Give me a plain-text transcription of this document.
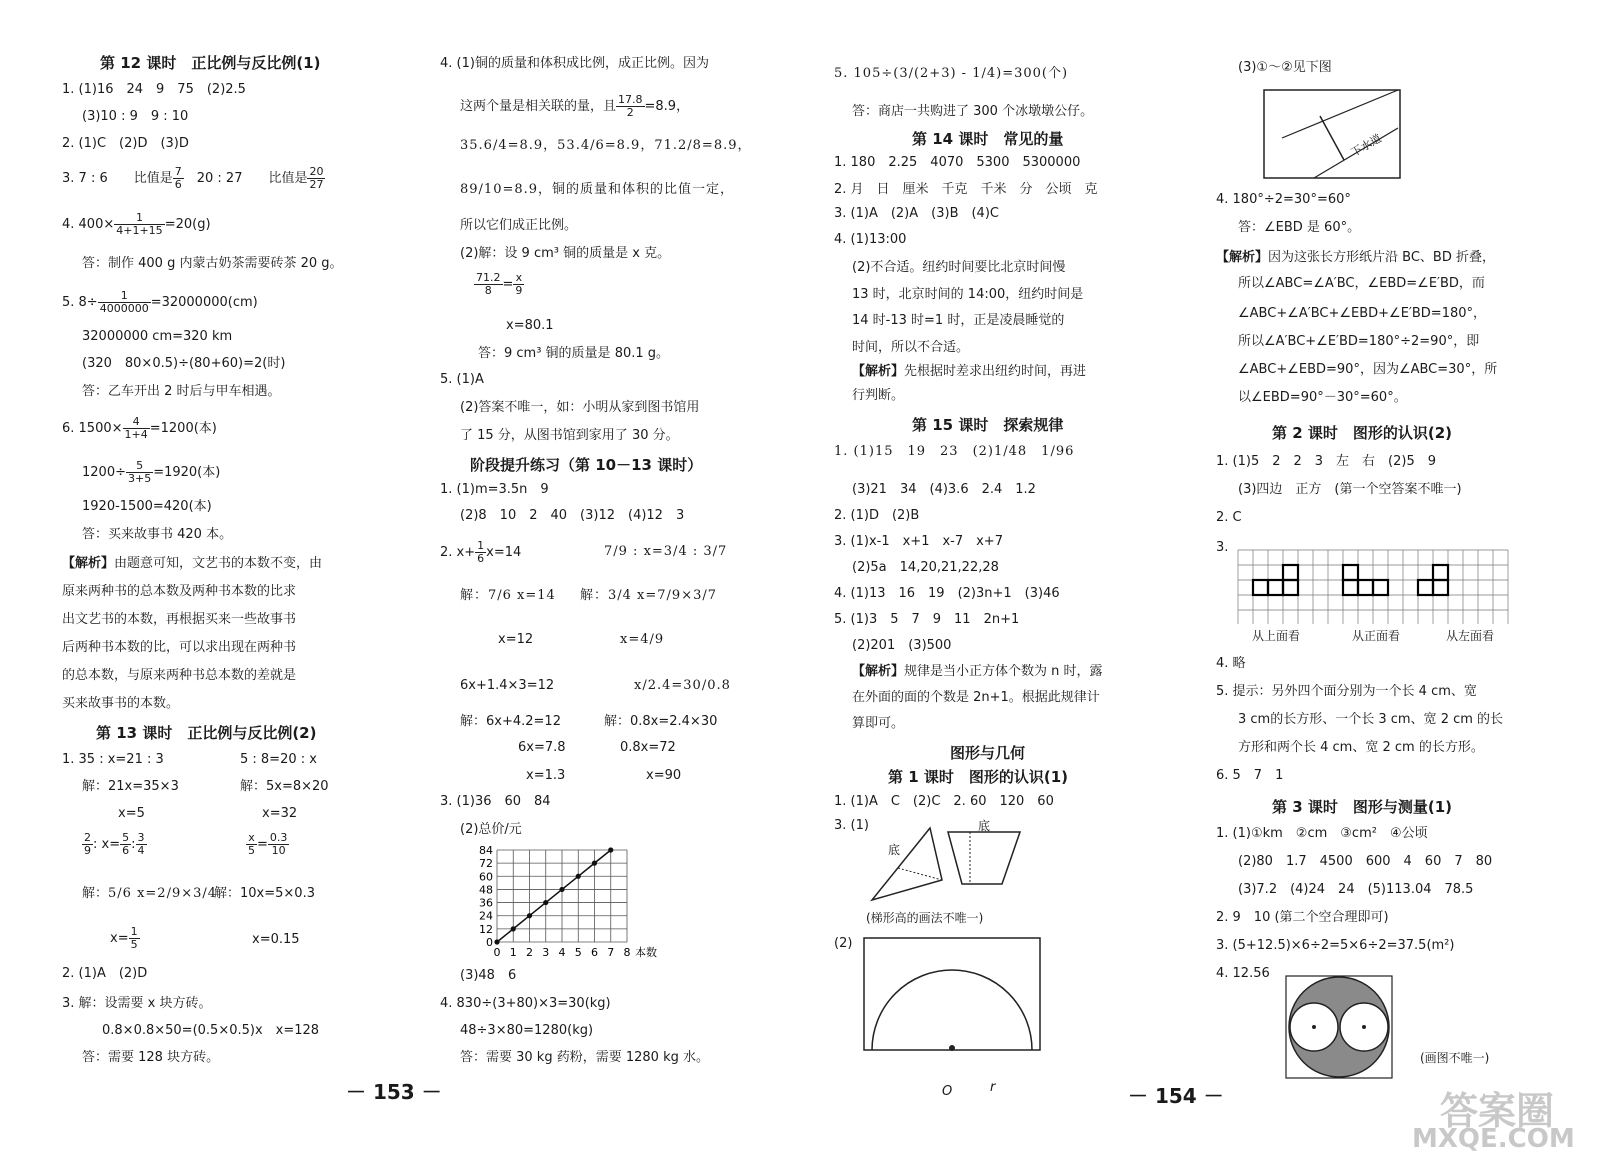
第 12 课时　正比例与反比例(1)
1. (1)16　24　9　75　(2)2.5
(3)10 : 9　9 : 10
2. (1)C　(2)D　(3)D
3. 7 : 6　　比值是 $\frac{7}{6}$ 　20 : 27　　比值是 $\frac{20}{27}$
4. $400\times \frac{1}{4+1+15} =20(g)$
答：制作 400 g 内蒙古奶茶需要砖茶 20 g。
5. $8\div \frac{1}{4000000} =32000000(cm)$
32000000 cm=320 km
(320　80×0.5)÷(80+60)=2(时)
答：乙车开出 2 时后与甲车相遇。
6. $1500\times \frac{4}{1+4} =1200$(本)
$1200\div \frac{5}{3+5} =1920$(本)
1920-1500=420(本)
答：买来故事书 420 本。
【解析】由题意可知，文艺书的本数不变，由
原来两种书的总本数及两种书本数的比求
出文艺书的本数，再根据买来一些故事书
后两种书本数的比，可以求出现在两种书
的总本数，与原来两种书总本数的差就是
买来故事书的本数。
第 13 课时　正比例与反比例(2)
1. 35 : x=21 : 3	5 : 8=20 : x
解：21x=35×3	解：5x=8×20
x=5	x=32
$\frac{2}{9}$ : $x= \frac{5}{6}$ : $\frac{3}{4}$	$\frac{x}{5} = \frac{0.3}{10}$
解：5/6 x=2/9×3/4
解：10x=5×0.3
$x= \frac{1}{5}$	x=0.15
2. (1)A　(2)D
3. 解：设需要 x 块方砖。
0.8×0.8×50=(0.5×0.5)x　x=128
答：需要 128 块方砖。
－ 153 －
4. (1)铜的质量和体积成比例，成正比例。因为
这两个量是相关联的量，且 $\frac{17.8}{2} =8.9$，
35.6/4=8.9，53.4/6=8.9，71.2/8=8.9，
89/10=8.9，铜的质量和体积的比值一定，
所以它们成正比例。
(2)解：设 9 cm³ 铜的质量是 x 克。
$\frac{71.2}{8} = \frac{x}{9}$
x=80.1
答：9 cm³ 铜的质量是 80.1 g。
5. (1)A
(2)答案不唯一，如：小明从家到图书馆用
了 15 分，从图书馆到家用了 30 分。
阶段提升练习（第 10－13 课时）
1. (1)m=3.5n　9
(2)8　10　2　40　(3)12　(4)12　3
2. $x+ \frac{1}{6} x=14$	7/9 : x=3/4 : 3/7
解：7/6 x=14 解：3/4 x=7/9×3/7
x=12	x=4/9
6x+1.4×3=12	x/2.4=30/0.8
解：6x+4.2=12	解：0.8x=2.4×30
6x=7.8	0.8x=72
x=1.3	x=90
3. (1)36　60　84
(2)总价/元
0
12
24
36
48
60
72
84
0 1 2 3 4 5 6 7 8 本数
(3)48　6
4. 830÷(3+80)×3=30(kg)
48÷3×80=1280(kg)
答：需要 30 kg 药粉，需要 1280 kg 水。
5. 105÷(3/(2+3) - 1/4)=300(个)
答：商店一共购进了 300 个冰墩墩公仔。
第 14 课时　常见的量
1. 180　2.25　4070　5300　5300000
2. 月　日　厘米　千克　千米　分　公顷　克
3. (1)A　(2)A　(3)B　(4)C
4. (1)13:00
(2)不合适。纽约时间要比北京时间慢
13 时，北京时间的 14:00，纽约时间是
14 时-13 时=1 时，正是凌晨睡觉的
时间，所以不合适。
【解析】先根据时差求出纽约时间，再进
行判断。
第 15 课时　探索规律
1. (1)15　19　23　(2)1/48　1/96
(3)21　34　(4)3.6　2.4　1.2
2. (1)D　(2)B
3. (1)x-1　x+1　x-7　x+7
(2)5a　14,20,21,22,28
4. (1)13　16　19　(2)3n+1　(3)46
5. (1)3　5　7　9　11　2n+1
(2)201　(3)500
【解析】规律是当小正方体个数为 n 时，露
在外面的面的个数是 2n+1。根据此规律计
算即可。
图形与几何
第 1 课时　图形的认识(1)
1. (1)A　C　(2)C　2. 60　120　60
3. (1)
底
底
(梯形高的画法不唯一)
(2)
O	r
(3)①～②见下图
下水道
4. 180°÷2=30°=60°
答：∠EBD 是 60°。
【解析】因为这张长方形纸片沿 BC、BD 折叠，
所以∠ABC=∠A′BC，∠EBD=∠E′BD，而
∠ABC+∠A′BC+∠EBD+∠E′BD=180°，
所以∠A′BC+∠E′BD=180°÷2=90°，即
∠ABC+∠EBD=90°，因为∠ABC=30°，所
以∠EBD=90°－30°=60°。
第 2 课时　图形的认识(2)
1. (1)5　2　2　3　左　右　(2)5　9
(3)四边　正方　(第一个空答案不唯一)
2. C
3.
从上面看	从正面看	从左面看
4. 略
5. 提示：另外四个面分别为一个长 4 cm、宽
3 cm的长方形、一个长 3 cm、宽 2 cm 的长
方形和两个长 4 cm、宽 2 cm 的长方形。
6. 5　7　1
第 3 课时　图形与测量(1)
1. (1)①km　②cm　③cm²　④公顷
(2)80　1.7　4500　600　4　60　7　80
(3)7.2　(4)24　24　(5)113.04　78.5
2. 9　10 (第二个空合理即可)
3. (5+12.5)×6÷2=5×6÷2=37.5(m²)
4. 12.56
(画图不唯一)
－ 154 －	答案圈
MXQE.COM
